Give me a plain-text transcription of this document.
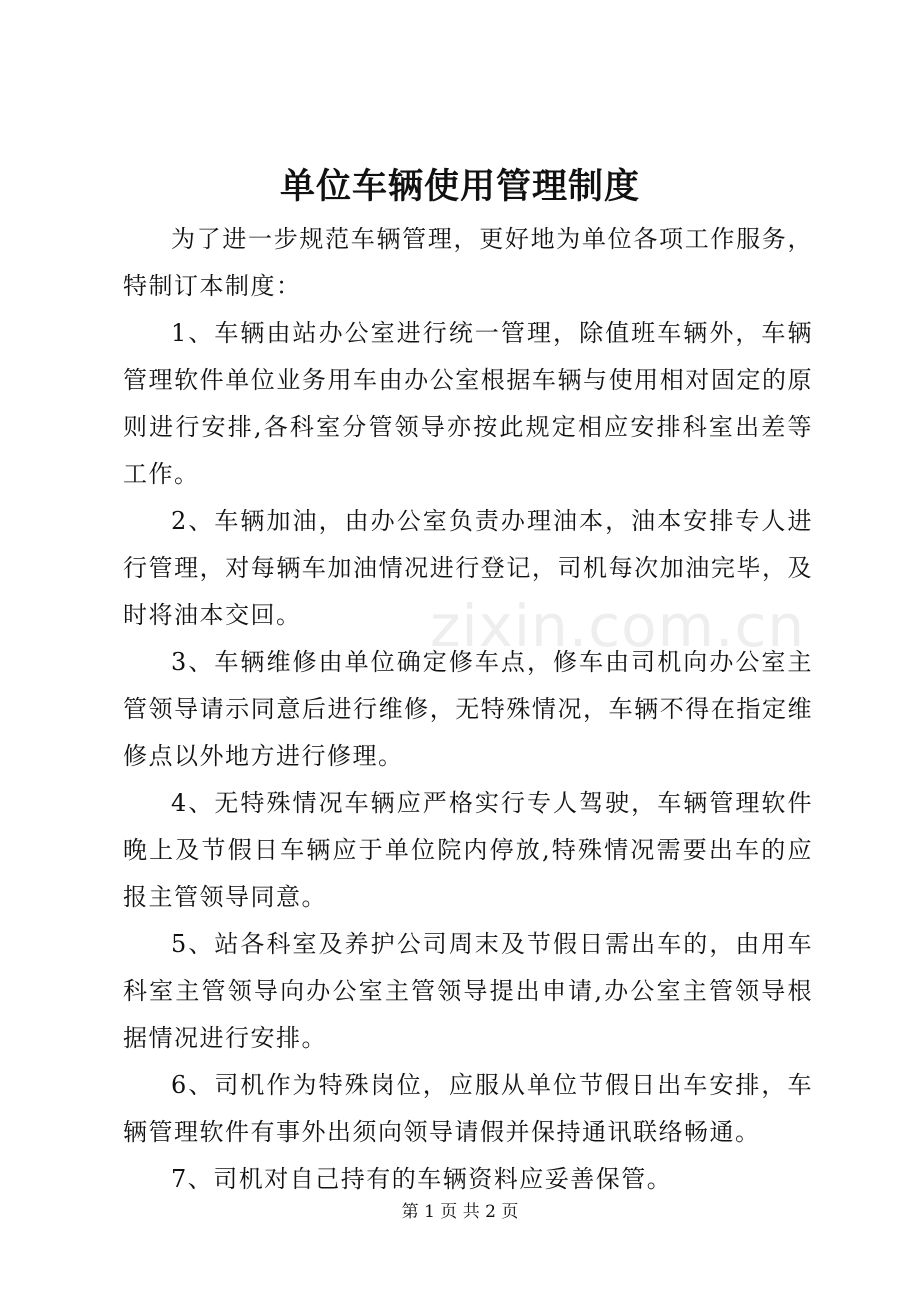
单位车辆使用管理制度

为了进一步规范车辆管理，更好地为单位各项工作服务，特制订本制度：

1、车辆由站办公室进行统一管理，除值班车辆外，车辆管理软件单位业务用车由办公室根据车辆与使用相对固定的原则进行安排,各科室分管领导亦按此规定相应安排科室出差等工作。

2、车辆加油，由办公室负责办理油本，油本安排专人进行管理，对每辆车加油情况进行登记，司机每次加油完毕，及时将油本交回。

3、车辆维修由单位确定修车点，修车由司机向办公室主管领导请示同意后进行维修，无特殊情况，车辆不得在指定维修点以外地方进行修理。

4、无特殊情况车辆应严格实行专人驾驶，车辆管理软件晚上及节假日车辆应于单位院内停放,特殊情况需要出车的应报主管领导同意。

5、站各科室及养护公司周末及节假日需出车的，由用车科室主管领导向办公室主管领导提出申请,办公室主管领导根据情况进行安排。

6、司机作为特殊岗位，应服从单位节假日出车安排，车辆管理软件有事外出须向领导请假并保持通讯联络畅通。

7、司机对自己持有的车辆资料应妥善保管。

zixin.com.cn
第 1 页 共 2 页
